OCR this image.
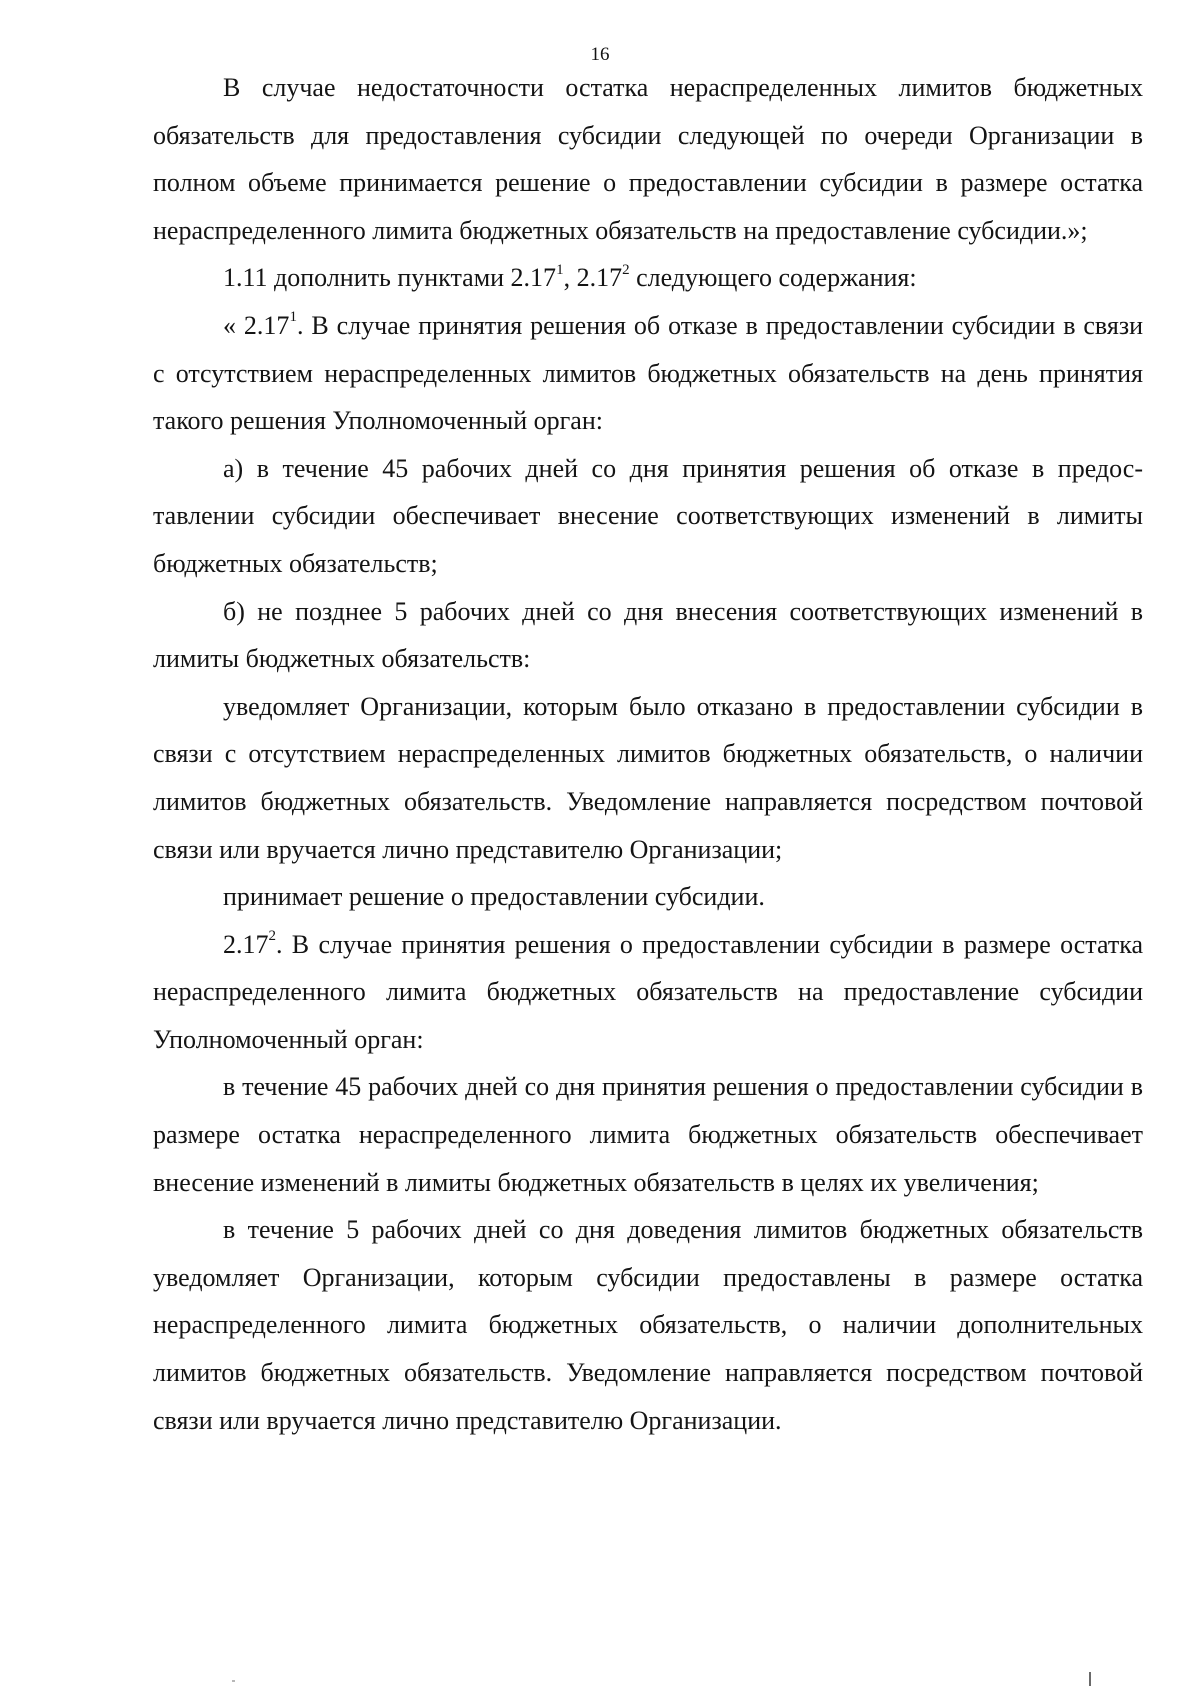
16

В случае недостаточности остатка нераспределенных лимитов бюджетных обязательств для предоставления субсидии следующей по очереди Организации в полном объеме принимается решение о предоставлении субсидии в размере остатка нераспределенного лимита бюджетных обязательств на предоставление субсидии.»;

1.11 дополнить пунктами 2.17$^1$, 2.17$^2$ следующего содержания:

« 2.17$^1$. В случае принятия решения об отказе в предоставлении субсидии в связи с отсутствием нераспределенных лимитов бюджетных обязательств на день принятия такого решения Уполномоченный орган:

а) в течение 45 рабочих дней со дня принятия решения об отказе в предоставлении субсидии обеспечивает внесение соответствующих изменений в лимиты бюджетных обязательств;

б) не позднее 5 рабочих дней со дня внесения соответствующих изменений в лимиты бюджетных обязательств:

уведомляет Организации, которым было отказано в предоставлении субсидии в связи с отсутствием нераспределенных лимитов бюджетных обязательств, о наличии лимитов бюджетных обязательств. Уведомление направляется посредством почтовой связи или вручается лично представителю Организации;

принимает решение о предоставлении субсидии.

2.17$^2$. В случае принятия решения о предоставлении субсидии в размере остатка нераспределенного лимита бюджетных обязательств на предоставление субсидии Уполномоченный орган:

в течение 45 рабочих дней со дня принятия решения о предоставлении субсидии в размере остатка нераспределенного лимита бюджетных обязательств обеспечивает внесение изменений в лимиты бюджетных обязательств в целях их увеличения;

в течение 5 рабочих дней со дня доведения лимитов бюджетных обязательств уведомляет Организации, которым субсидии предоставлены в размере остатка нераспределенного лимита бюджетных обязательств, о наличии дополнительных лимитов бюджетных обязательств. Уведомление направляется посредством почтовой связи или вручается лично представителю Организации.
